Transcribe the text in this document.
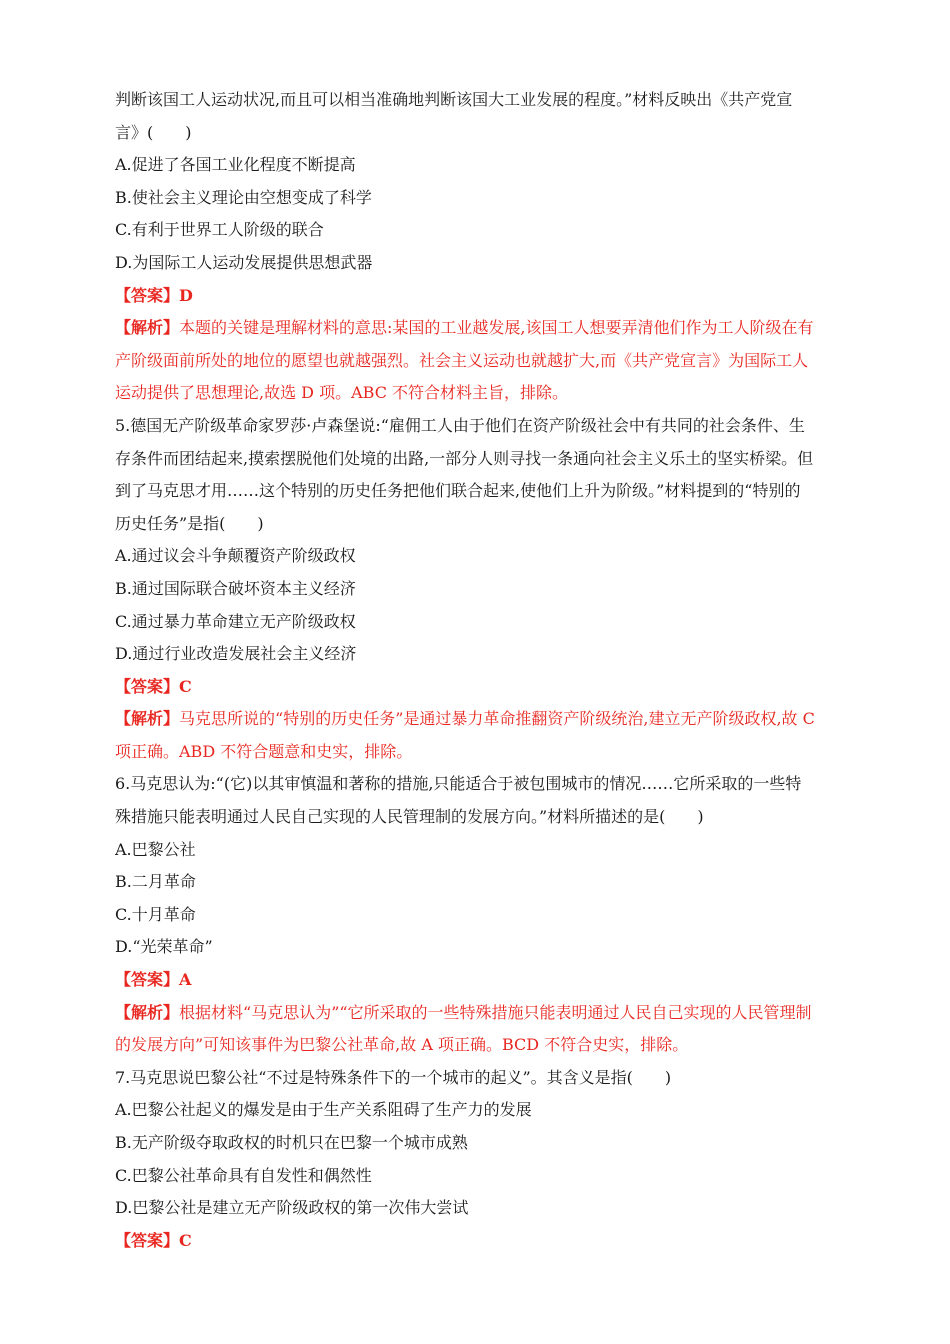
判断该国工人运动状况,而且可以相当准确地判断该国大工业发展的程度。”材料反映出《共产党宣
言》(　　)
A.促进了各国工业化程度不断提高
B.使社会主义理论由空想变成了科学
C.有利于世界工人阶级的联合
D.为国际工人运动发展提供思想武器
【答案】D
【解析】本题的关键是理解材料的意思:某国的工业越发展,该国工人想要弄清他们作为工人阶级在有
产阶级面前所处的地位的愿望也就越强烈。社会主义运动也就越扩大,而《共产党宣言》为国际工人
运动提供了思想理论,故选 D 项。ABC 不符合材料主旨，排除。
5.德国无产阶级革命家罗莎·卢森堡说:“雇佣工人由于他们在资产阶级社会中有共同的社会条件、生
存条件而团结起来,摸索摆脱他们处境的出路,一部分人则寻找一条通向社会主义乐土的坚实桥梁。但
到了马克思才用……这个特别的历史任务把他们联合起来,使他们上升为阶级。”材料提到的“特别的
历史任务”是指(　　)
A.通过议会斗争颠覆资产阶级政权
B.通过国际联合破坏资本主义经济
C.通过暴力革命建立无产阶级政权
D.通过行业改造发展社会主义经济
【答案】C
【解析】马克思所说的“特别的历史任务”是通过暴力革命推翻资产阶级统治,建立无产阶级政权,故 C
项正确。ABD 不符合题意和史实，排除。
6.马克思认为:“(它)以其审慎温和著称的措施,只能适合于被包围城市的情况……它所采取的一些特
殊措施只能表明通过人民自己实现的人民管理制的发展方向。”材料所描述的是(　　)
A.巴黎公社
B.二月革命
C.十月革命
D.“光荣革命”
【答案】A
【解析】根据材料“马克思认为”“它所采取的一些特殊措施只能表明通过人民自己实现的人民管理制
的发展方向”可知该事件为巴黎公社革命,故 A 项正确。BCD 不符合史实，排除。
7.马克思说巴黎公社“不过是特殊条件下的一个城市的起义”。其含义是指(　　)
A.巴黎公社起义的爆发是由于生产关系阻碍了生产力的发展
B.无产阶级夺取政权的时机只在巴黎一个城市成熟
C.巴黎公社革命具有自发性和偶然性
D.巴黎公社是建立无产阶级政权的第一次伟大尝试
【答案】C
